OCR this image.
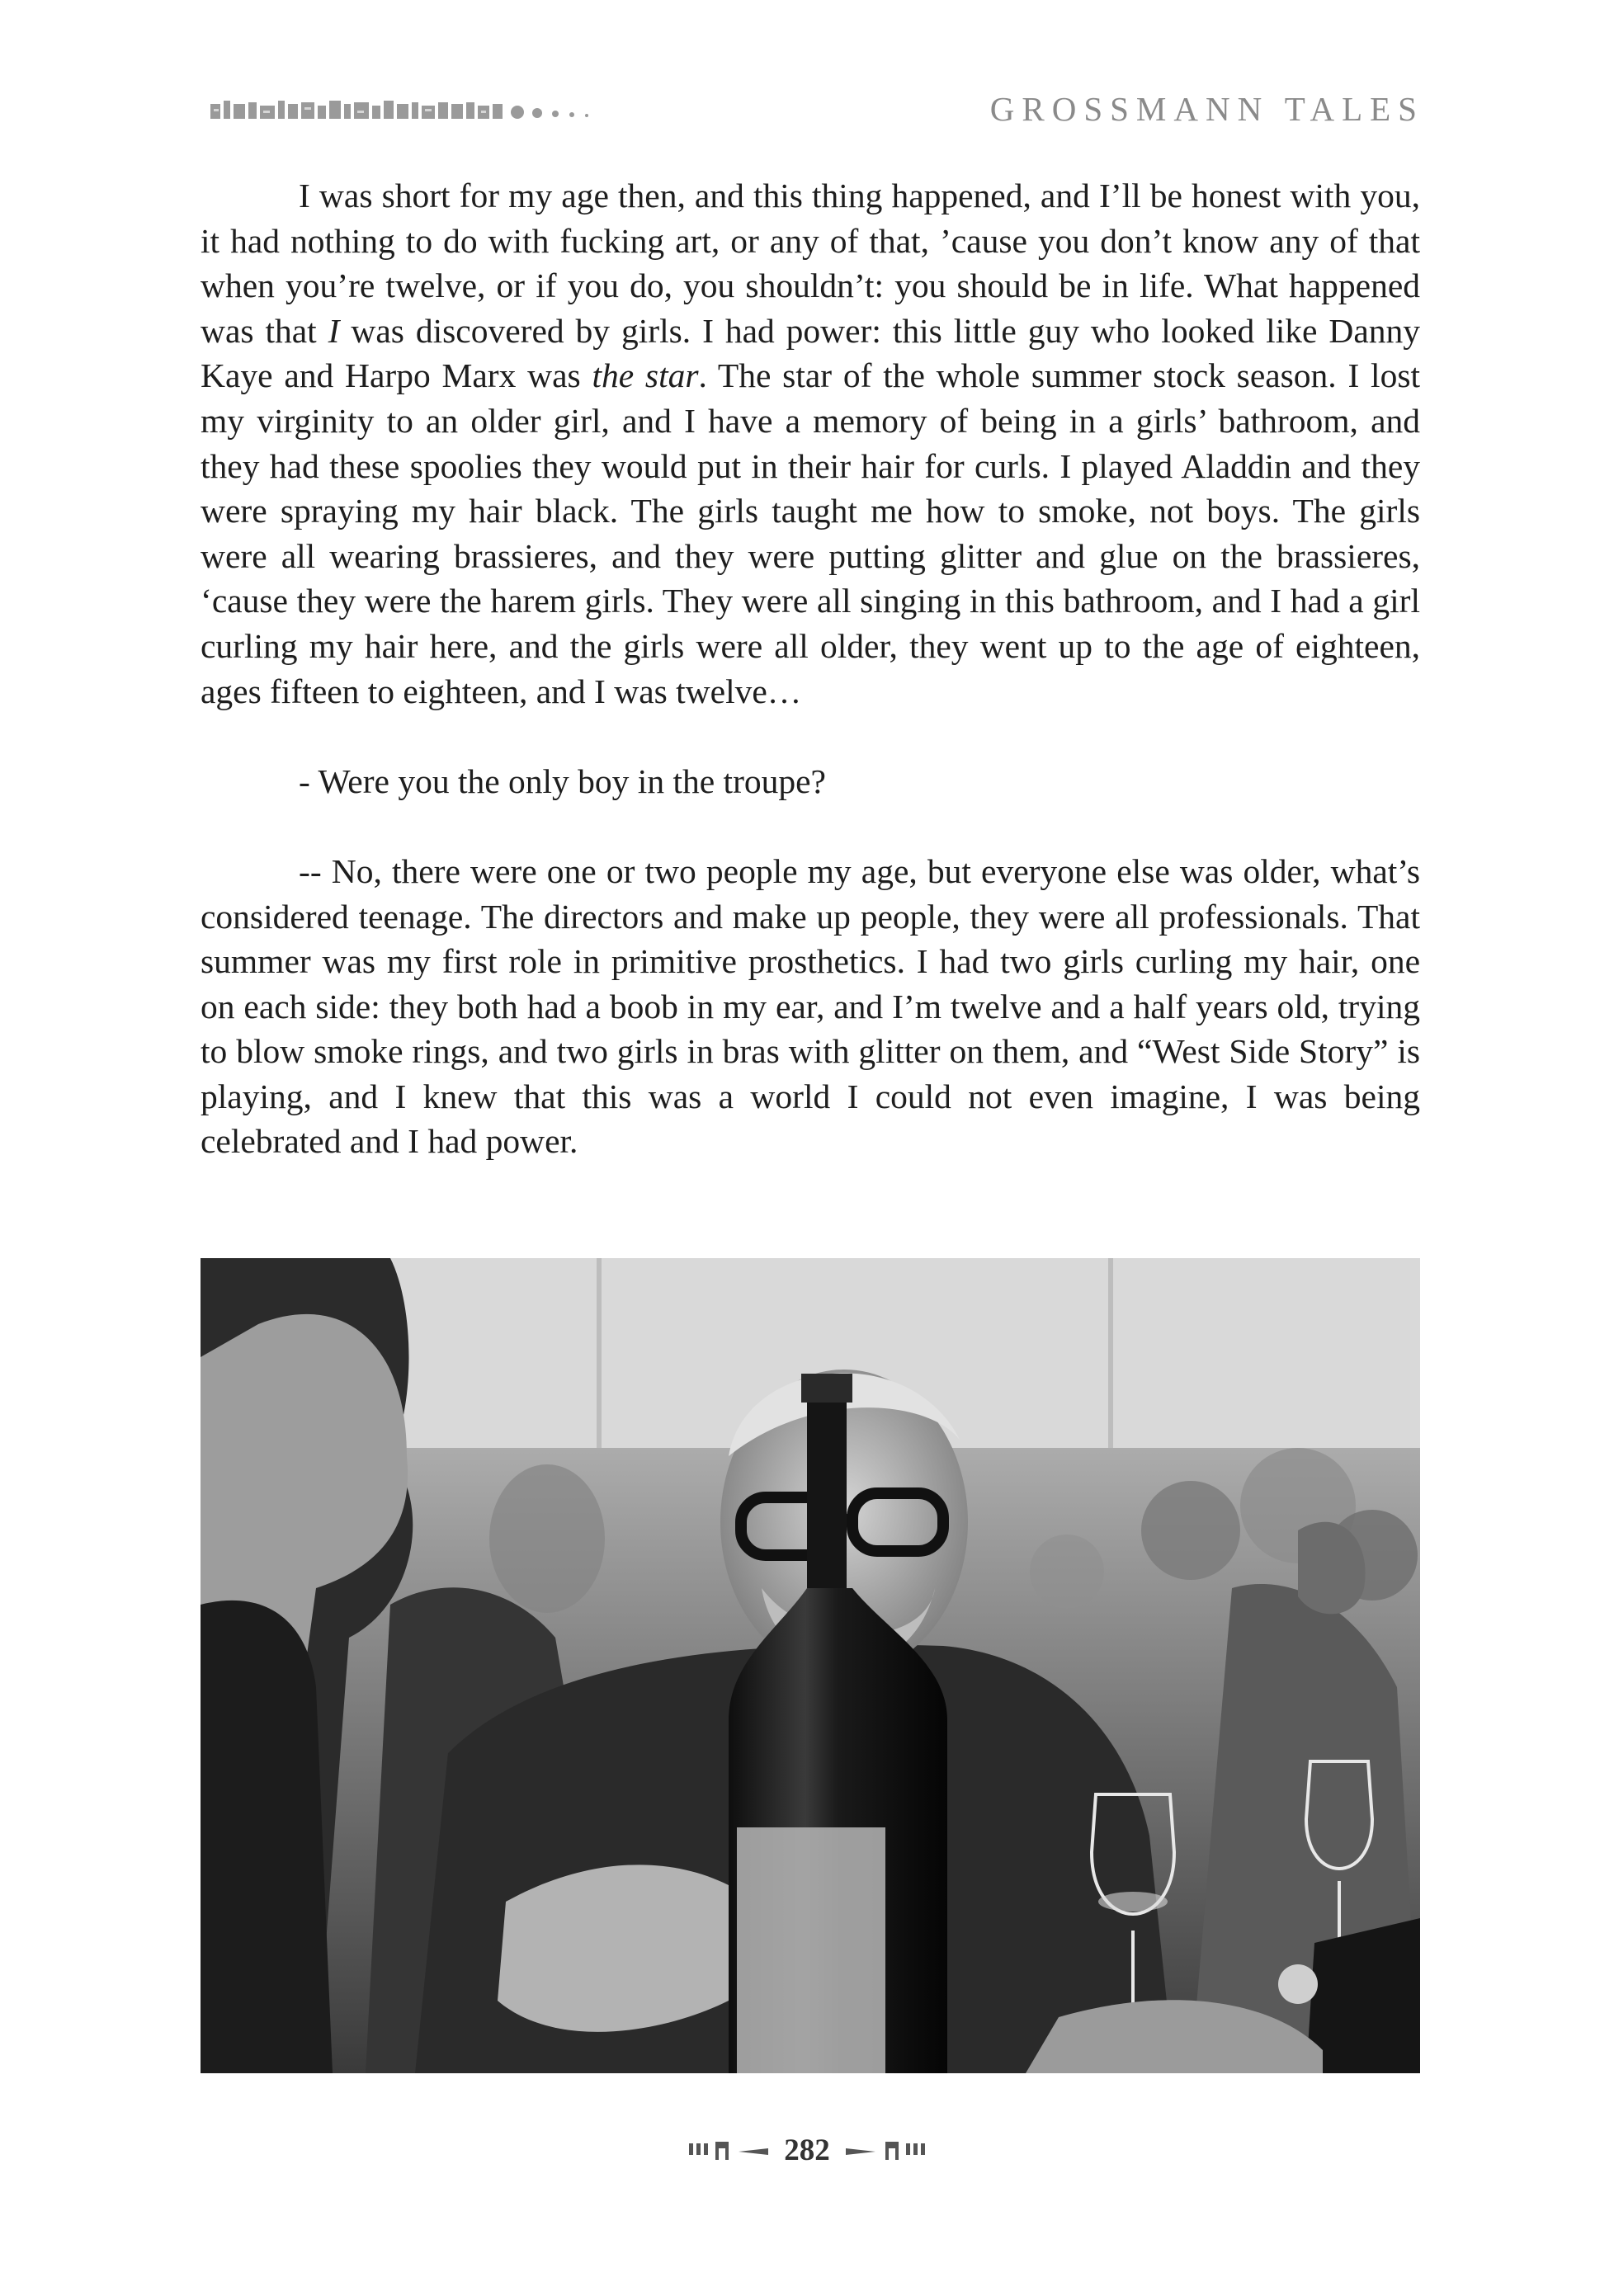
GROSSMANN TALES

I was short for my age then, and this thing happened, and I’ll be honest with you, it had nothing to do with fucking art, or any of that, ’cause you don’t know any of that when you’re twelve, or if you do, you shouldn’t: you should be in life. What happened was that I was discovered by girls. I had power: this little guy who looked like Danny Kaye and Harpo Marx was the star. The star of the whole summer stock season. I lost my virginity to an older girl, and I have a memory of being in a girls’ bathroom, and they had these spoolies they would put in their hair for curls. I played Aladdin and they were spraying my hair black. The girls taught me how to smoke, not boys. The girls were all wearing brassieres, and they were putting glitter and glue on the brassieres, ‘cause they were the harem girls. They were all singing in this bathroom, and I had a girl curling my hair here, and the girls were all older, they went up to the age of eighteen, ages fifteen to eighteen, and I was twelve…

- Were you the only boy in the troupe?

-- No, there were one or two people my age, but everyone else was older, what’s considered teenage. The directors and make up people, they were all professionals. That summer was my first role in primitive prosthetics. I had two girls curling my hair, one on each side: they both had a boob in my ear, and I’m twelve and a half years old, trying to blow smoke rings, and two girls in bras with glitter on them, and “West Side Story” is playing, and I knew that this was a world I could not even imagine, I was being celebrated and I had power.

282
